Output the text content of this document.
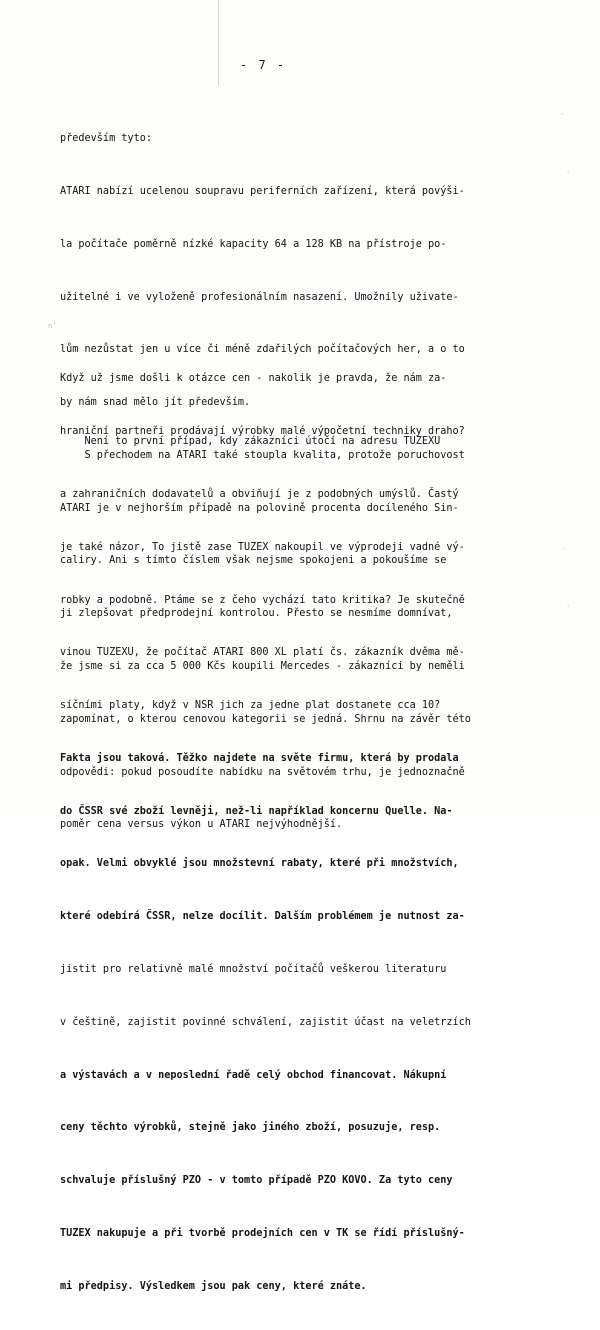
- 7 -

především tyto:

ATARI nabízí ucelenou soupravu periferních zařízení, která povýši-

la počítače poměrně nízké kapacity 64 a 128 KB na přístroje po-

užitelné i ve vyloženě profesionálním nasazení. Umožnily uživate-

lům nezůstat jen u více či méně zdařilých počítačových her, a o to

by nám snad mělo jít především.

S přechodem na ATARI také stoupla kvalita, protože poruchovost

ATARI je v nejhorším případě na polovině procenta docíleného Sin-

caliry. Ani s tímto číslem však nejsme spokojeni a pokoušíme se

ji zlepšovat předprodejní kontrolou. Přesto se nesmíme domnívat,

že jsme si za cca 5 000 Kčs koupili Mercedes - zákazníci by neměli

zapomínat, o kterou cenovou kategorii se jedná. Shrnu na závěr této

odpovědi: pokud posoudíte nabídku na světovém trhu, je jednoznačně

poměr cena versus výkon u ATARI nejvýhodnější.

Když už jsme došli k otázce cen - nakolik je pravda, že nám za-

hraniční partneři prodávají výrobky malé výpočetní techniky draho?

Není to první případ, kdy zákazníci útočí na adresu TUZEXU

a zahraničních dodavatelů a obviňují je z podobných umýslů. Častý

je také názor, To jistě zase TUZEX nakoupil ve výprodeji vadné vý-

robky a podobně. Ptáme se z čeho vychází tato kritika? Je skutečně

vinou TUZEXU, že počítač ATARI 800 XL platí čs. zákazník dvěma mě-

síčními platy, když v NSR jich za jedne plat dostanete cca 10?

Fakta jsou taková. Těžko najdete na světe firmu, která by prodala

do ČSSR své zboží levněji, než-li například koncernu Quelle. Na-

opak. Velmi obvyklé jsou množstevní rabaty, které při množstvích,

které odebírá ČSSR, nelze docílit. Dalším problémem je nutnost za-

jistit pro relativně malé množství počítačů veškerou literaturu

v češtině, zajistit povinné schválení, zajistit účast na veletrzích

a výstavách a v neposlední řadě celý obchod financovat. Nákupní

ceny těchto výrobků, stejně jako jiného zboží, posuzuje, resp.

schvaluje příslušný PZO - v tomto případě PZO KOVO. Za tyto ceny

TUZEX nakupuje a při tvorbě prodejních cen v TK se řídí příslušný-

mi předpisy. Výsledkem jsou pak ceny, které znáte.

nʼ
ˇ
'
'
